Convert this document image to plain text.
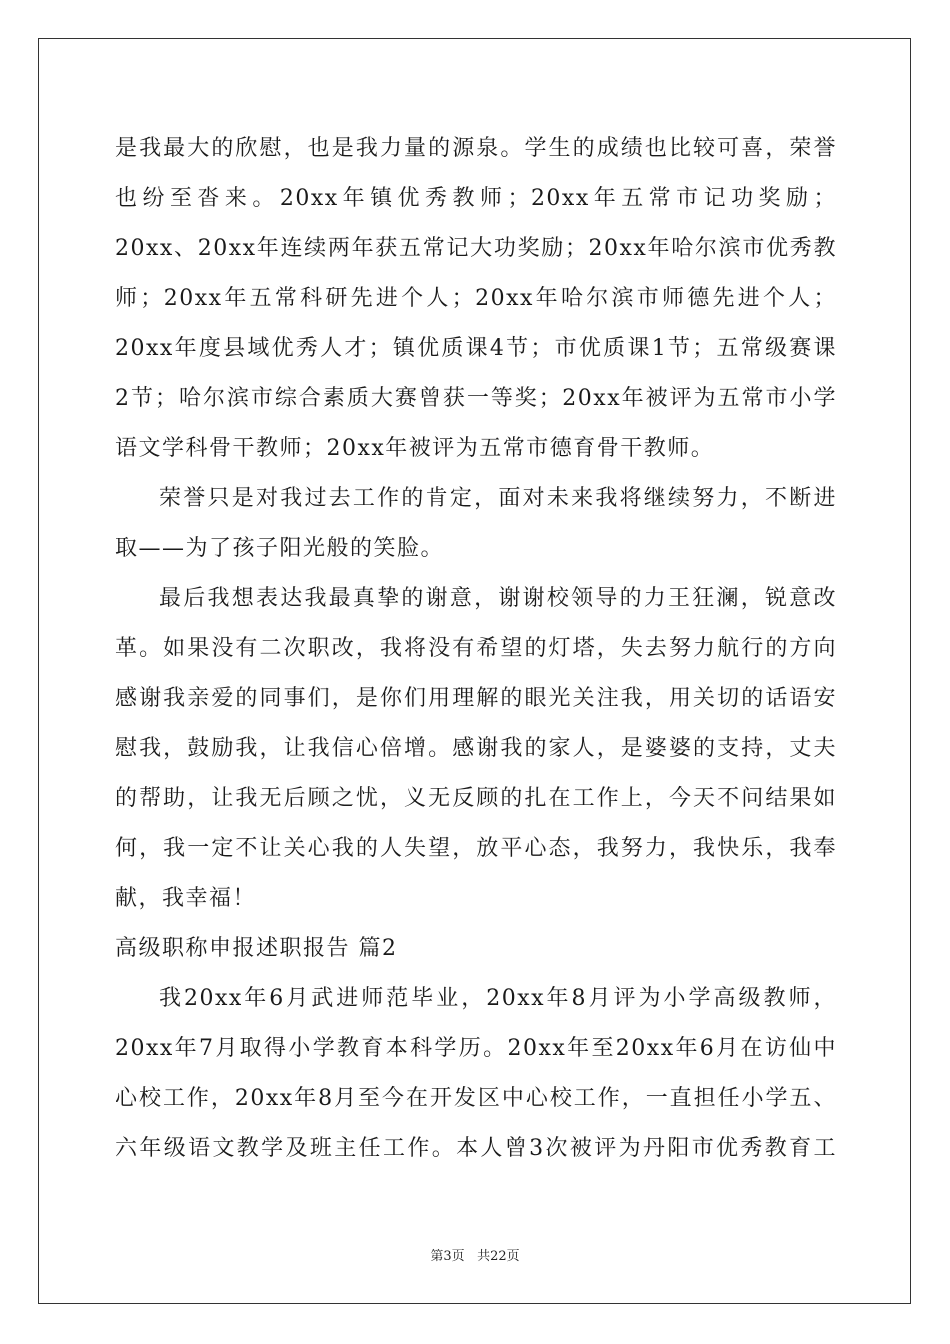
是我最大的欣慰，也是我力量的源泉。学生的成绩也比较可喜，荣誉
也纷至沓来。20xx年镇优秀教师；20xx年五常市记功奖励；
20xx、20xx年连续两年获五常记大功奖励；20xx年哈尔滨市优秀教
师；20xx年五常科研先进个人；20xx年哈尔滨市师德先进个人；
20xx年度县域优秀人才；镇优质课4节；市优质课1节；五常级赛课
2节；哈尔滨市综合素质大赛曾获一等奖；20xx年被评为五常市小学
语文学科骨干教师；20xx年被评为五常市德育骨干教师。
荣誉只是对我过去工作的肯定，面对未来我将继续努力，不断进
取——为了孩子阳光般的笑脸。
最后我想表达我最真挚的谢意，谢谢校领导的力王狂澜，锐意改
革。如果没有二次职改，我将没有希望的灯塔，失去努力航行的方向
感谢我亲爱的同事们，是你们用理解的眼光关注我，用关切的话语安
慰我，鼓励我，让我信心倍增。感谢我的家人，是婆婆的支持，丈夫
的帮助，让我无后顾之忧，义无反顾的扎在工作上，今天不问结果如
何，我一定不让关心我的人失望，放平心态，我努力，我快乐，我奉
献，我幸福！
高级职称申报述职报告 篇2
我20xx年6月武进师范毕业，20xx年8月评为小学高级教师，
20xx年7月取得小学教育本科学历。20xx年至20xx年6月在访仙中
心校工作，20xx年8月至今在开发区中心校工作，一直担任小学五、
六年级语文教学及班主任工作。本人曾3次被评为丹阳市优秀教育工
第3页 共22页
